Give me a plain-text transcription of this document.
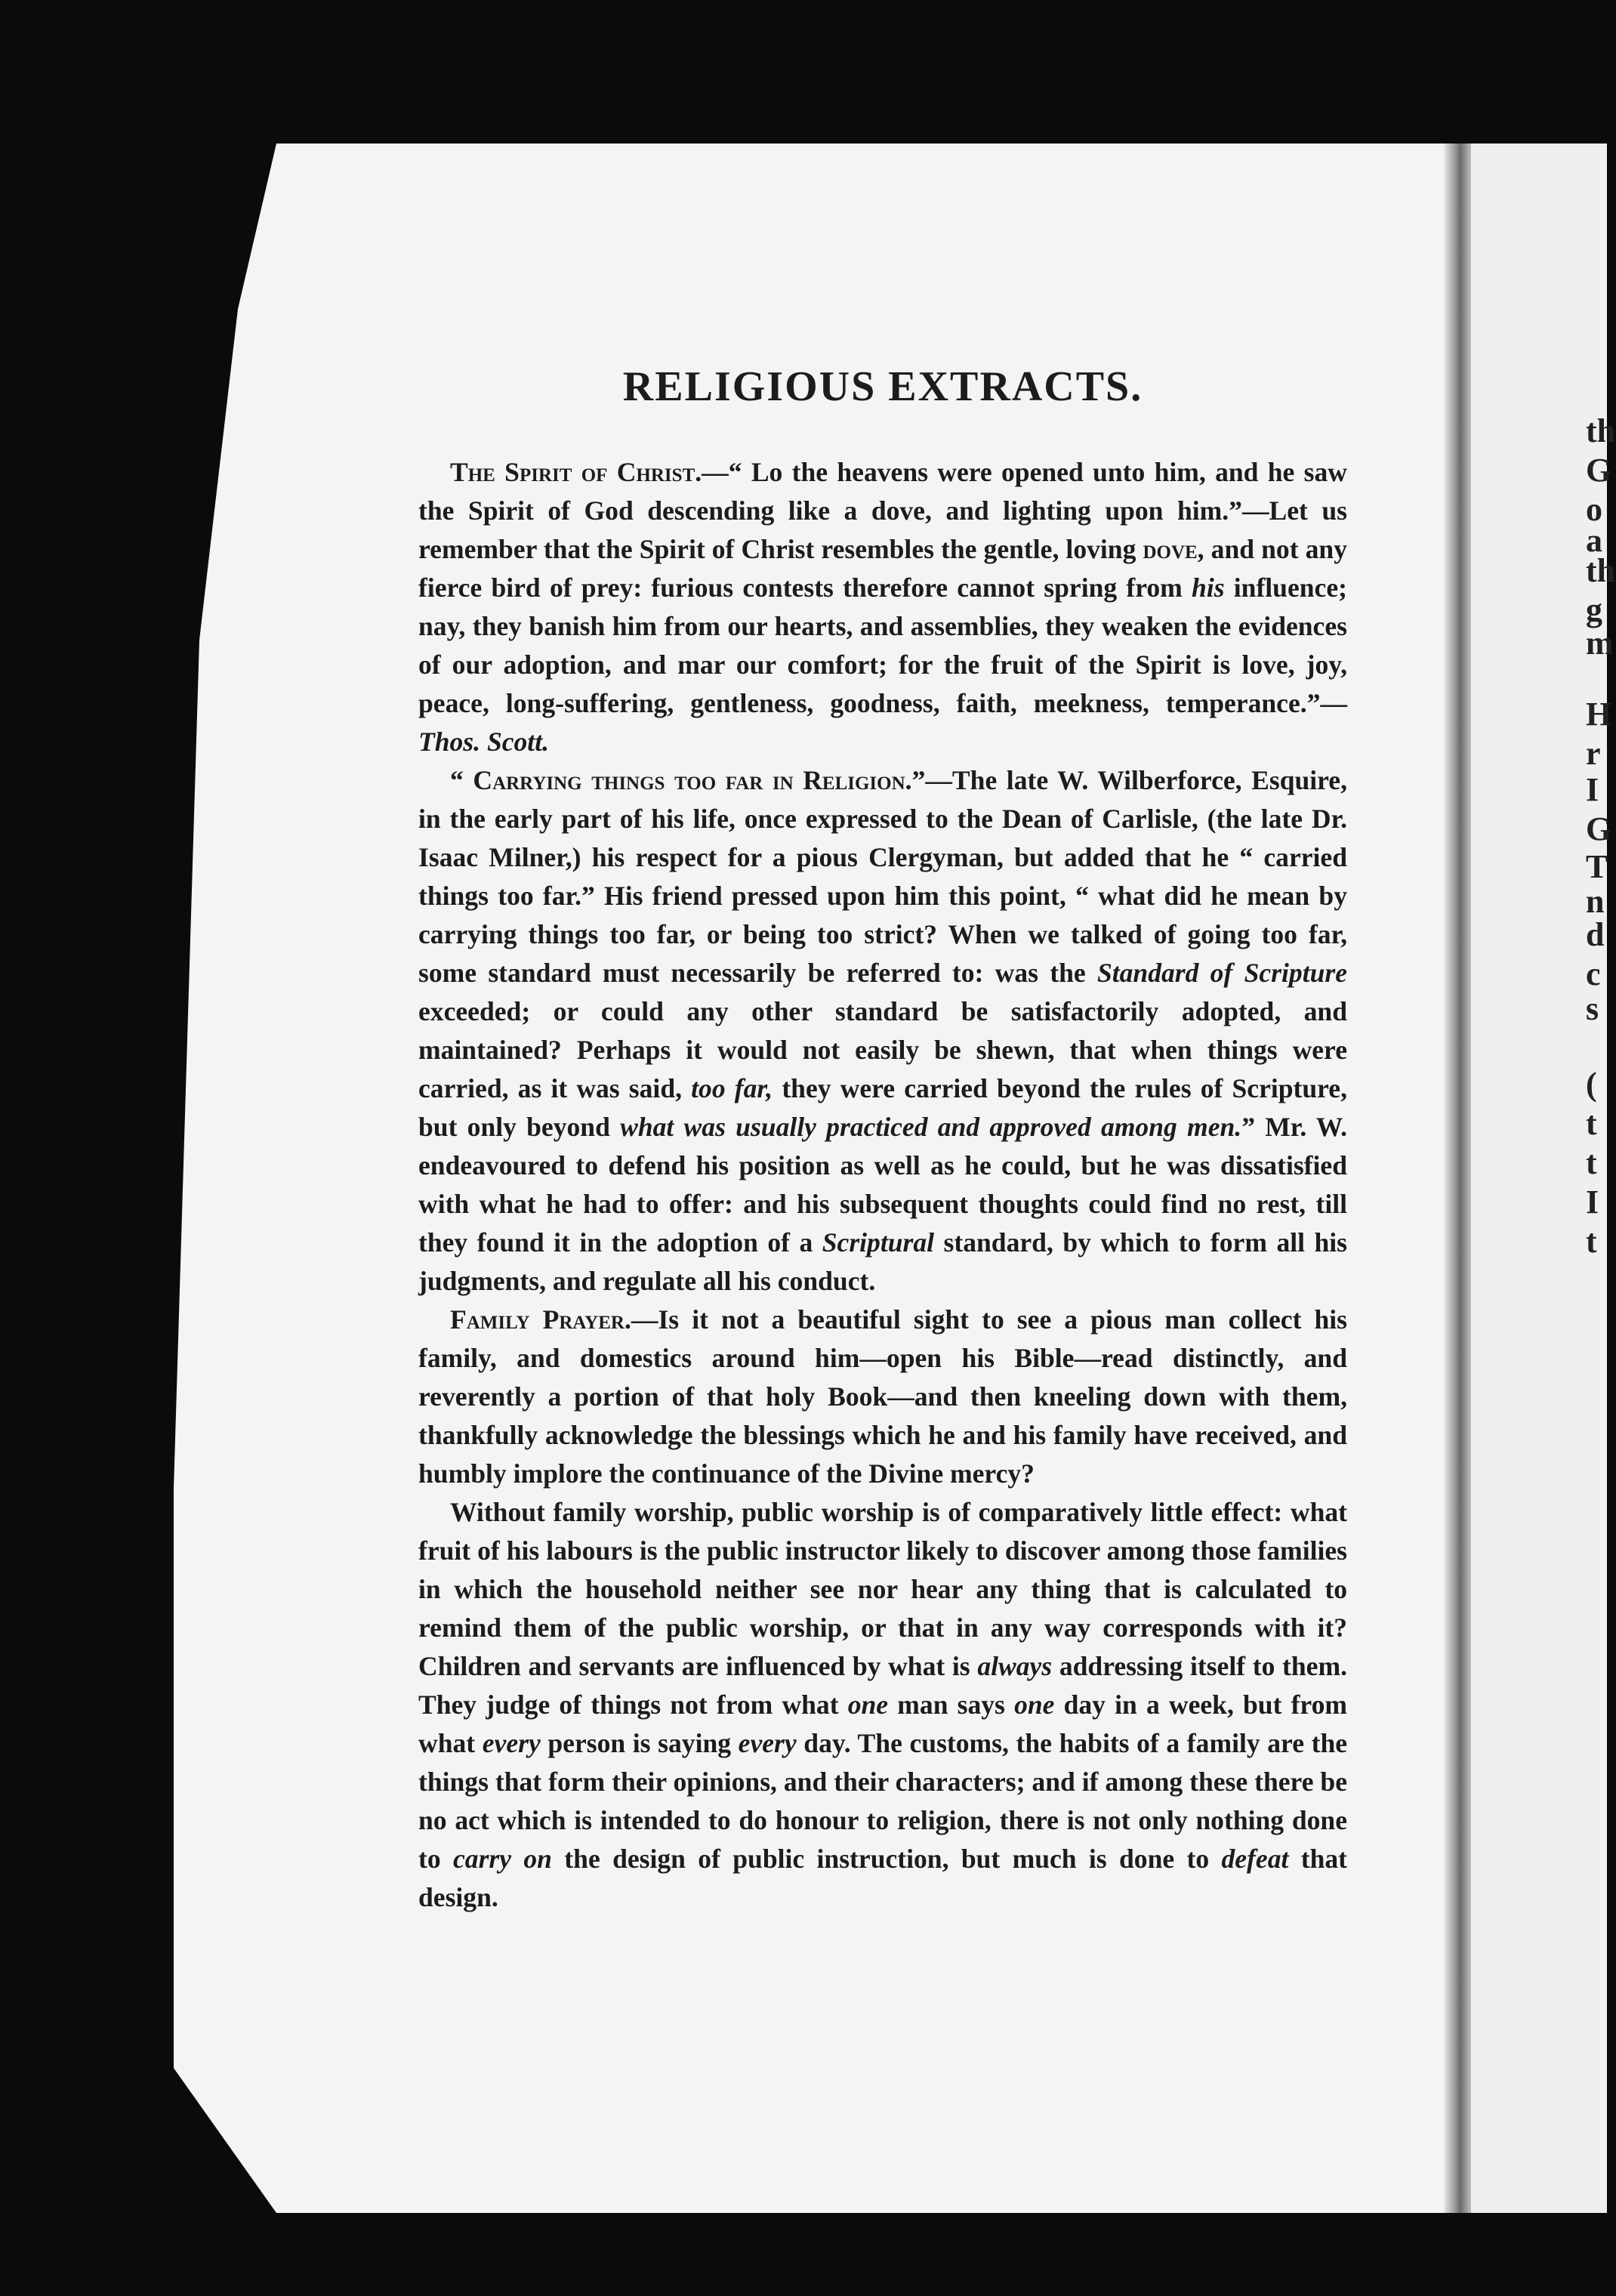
th
G
o
a
th
g
m
H
r
I
G
T
n
d
c
s
(
t
t
I
t
RELIGIOUS EXTRACTS.

The Spirit of Christ.—“ Lo the heavens were opened unto him, and he saw the Spirit of God descending like a dove, and lighting upon him.”—Let us remember that the Spirit of Christ resembles the gentle, loving dove, and not any fierce bird of prey: furious contests therefore cannot spring from his influence; nay, they banish him from our hearts, and assemblies, they weaken the evidences of our adoption, and mar our comfort; for the fruit of the Spirit is love, joy, peace, long-suffering, gentleness, goodness, faith, meekness, temperance.”—Thos. Scott.

“ Carrying things too far in Religion.”—The late W. Wilberforce, Esquire, in the early part of his life, once expressed to the Dean of Carlisle, (the late Dr. Isaac Milner,) his respect for a pious Clergyman, but added that he “ carried things too far.” His friend pressed upon him this point, “ what did he mean by carrying things too far, or being too strict? When we talked of going too far, some standard must necessarily be referred to: was the Standard of Scripture exceeded; or could any other standard be satisfactorily adopted, and maintained? Perhaps it would not easily be shewn, that when things were carried, as it was said, too far, they were carried beyond the rules of Scripture, but only beyond what was usually practiced and approved among men.” Mr. W. endeavoured to defend his position as well as he could, but he was dissatisfied with what he had to offer: and his subsequent thoughts could find no rest, till they found it in the adoption of a Scriptural standard, by which to form all his judgments, and regulate all his conduct.

Family Prayer.—Is it not a beautiful sight to see a pious man collect his family, and domestics around him—open his Bible—read distinctly, and reverently a portion of that holy Book—and then kneeling down with them, thankfully acknowledge the blessings which he and his family have received, and humbly implore the continuance of the Divine mercy?

Without family worship, public worship is of comparatively little effect: what fruit of his labours is the public instructor likely to discover among those families in which the household neither see nor hear any thing that is calculated to remind them of the public worship, or that in any way corresponds with it? Children and servants are influenced by what is always addressing itself to them. They judge of things not from what one man says one day in a week, but from what every person is saying every day. The customs, the habits of a family are the things that form their opinions, and their characters; and if among these there be no act which is intended to do honour to religion, there is not only nothing done to carry on the design of public instruction, but much is done to defeat that design.
